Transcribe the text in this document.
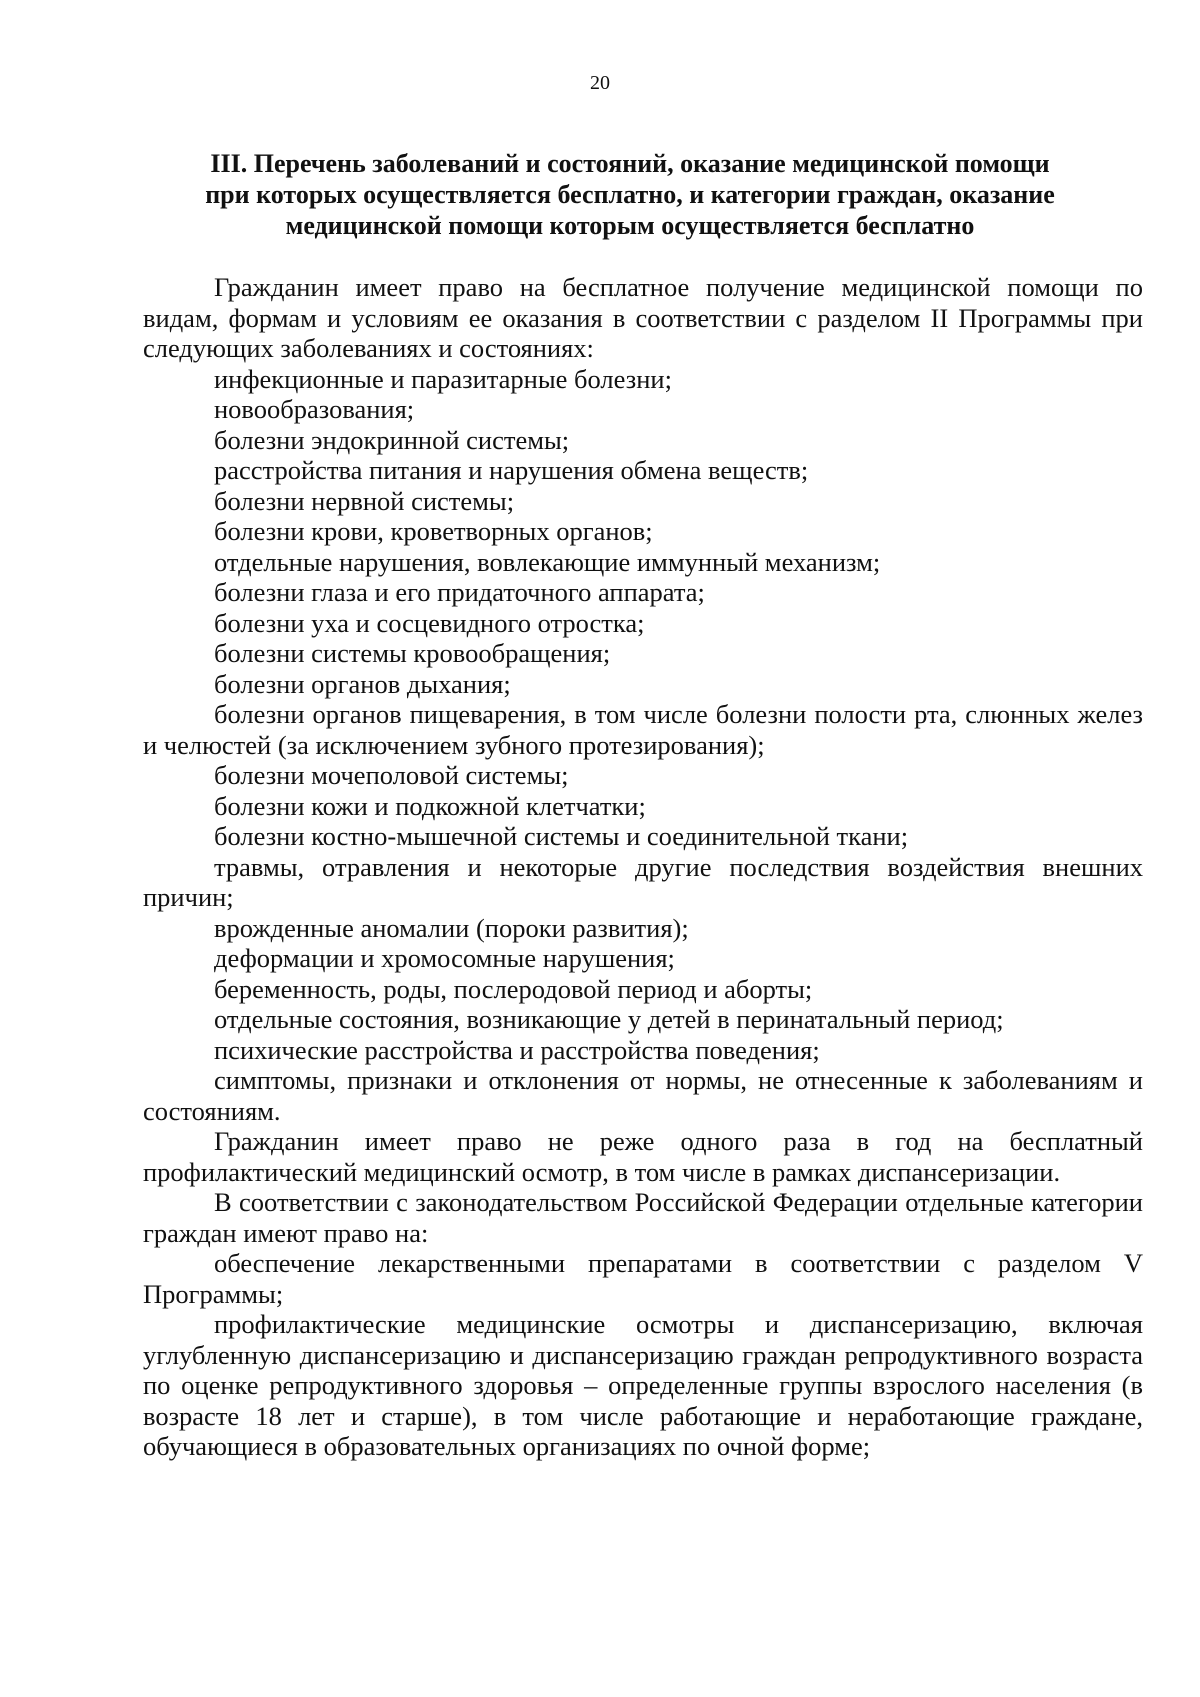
20
III. Перечень заболеваний и состояний, оказание медицинской помощи
при которых осуществляется бесплатно, и категории граждан, оказание
медицинской помощи которым осуществляется бесплатно

Гражданин имеет право на бесплатное получение медицинской помощи по видам, формам и условиям ее оказания в соответствии с разделом II Программы при следующих заболеваниях и состояниях:

инфекционные и паразитарные болезни;
новообразования;
болезни эндокринной системы;
расстройства питания и нарушения обмена веществ;
болезни нервной системы;
болезни крови, кроветворных органов;
отдельные нарушения, вовлекающие иммунный механизм;
болезни глаза и его придаточного аппарата;
болезни уха и сосцевидного отростка;
болезни системы кровообращения;
болезни органов дыхания;
болезни органов пищеварения, в том числе болезни полости рта, слюнных желез и челюстей (за исключением зубного протезирования);
болезни мочеполовой системы;
болезни кожи и подкожной клетчатки;
болезни костно-мышечной системы и соединительной ткани;
травмы, отравления и некоторые другие последствия воздействия внешних причин;
врожденные аномалии (пороки развития);
деформации и хромосомные нарушения;
беременность, роды, послеродовой период и аборты;
отдельные состояния, возникающие у детей в перинатальный период;
психические расстройства и расстройства поведения;
симптомы, признаки и отклонения от нормы, не отнесенные к заболеваниям и состояниям.

Гражданин имеет право не реже одного раза в год на бесплатный профилактический медицинский осмотр, в том числе в рамках диспансеризации.

В соответствии с законодательством Российской Федерации отдельные категории граждан имеют право на:

обеспечение лекарственными препаратами в соответствии с разделом V Программы;
профилактические медицинские осмотры и диспансеризацию, включая углубленную диспансеризацию и диспансеризацию граждан репродуктивного возраста по оценке репродуктивного здоровья – определенные группы взрослого населения (в возрасте 18 лет и старше), в том числе работающие и неработающие граждане, обучающиеся в образовательных организациях по очной форме;
